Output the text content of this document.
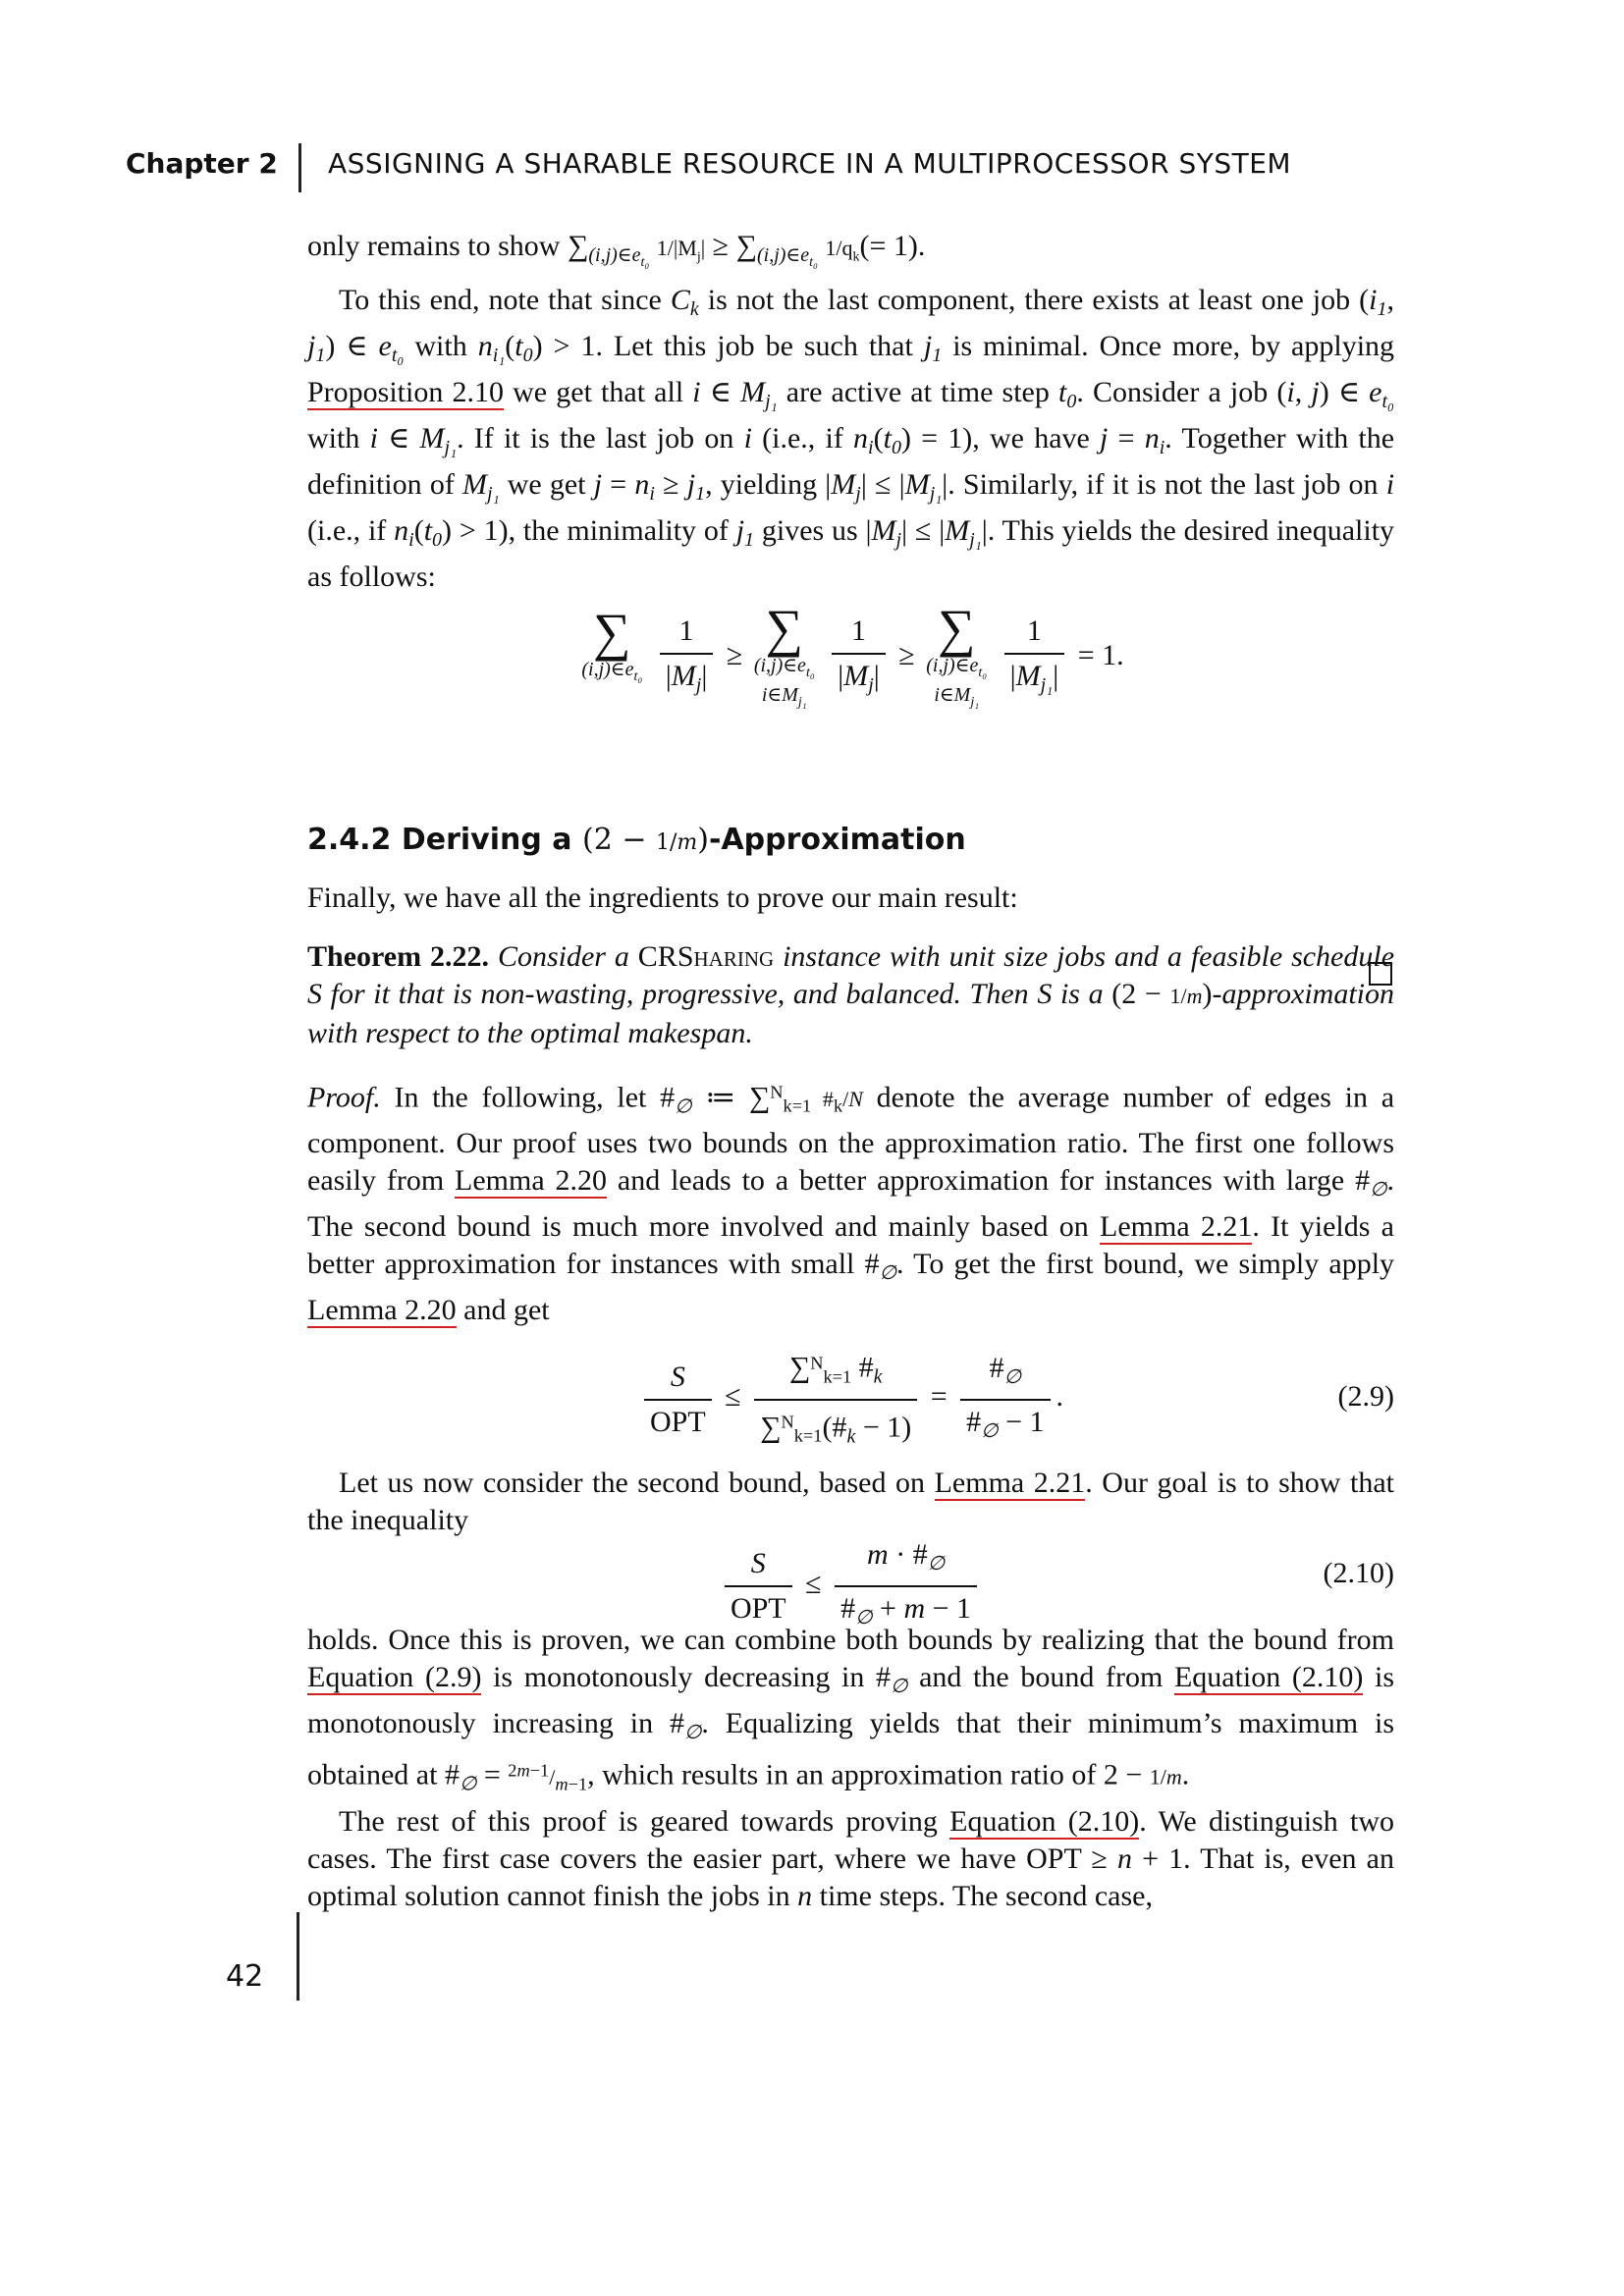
Chapter 2 ASSIGNING A SHARABLE RESOURCE IN A MULTIPROCESSOR SYSTEM

only remains to show $\sum_{(i,j)\in e_{t_0}}$ $1/|M_j| \ge \sum_{(i,j)\in e_{t_0}}$ $1/q_k(= 1)$.

To this end, note that since $C_k$ is not the last component, there exists at least one job ($i_1$, $j_1$) ∈ $e_{t_0}$ with $n_{i_1}(t_0) > 1$. Let this job be such that $j_1$ is minimal. Once more, by applying Proposition 2.10 we get that all i ∈ $M_{j_1}$ are active at time step $t_0$. Consider a job (i, j) ∈ $e_{t_0}$ with i ∈ $M_{j_1}$. If it is the last job on i (i.e., if $n_i(t_0) = 1$), we have $j = n_i$. Together with the definition of $M_{j_1}$ we get $j = n_i \ge j_1$, yielding $|M_j| \le |M_{j_1}|$. Similarly, if it is not the last job on i (i.e., if $n_i(t_0) > 1$), the minimality of $j_1$ gives us $|M_j| \le |M_{j_1}|$. This yields the desired inequality as follows:

∑
$(i,j)\in e_{t_0}$

$\frac{1}{|M_j|}$ ≥ ∑
$(i,j)\in e_{t_0}$
$i\in M_{j_1}$
$\frac{1}{|M_j|}$ ≥ ∑
$(i,j)\in e_{t_0}$
$i\in M_{j_1}$
$\frac{1}{|M_{j_1}|} = 1$.
2.4.2 Deriving a (2 − 1/m)-Approximation

Finally, we have all the ingredients to prove our main result:

Theorem 2.22. Consider a CRSharing instance with unit size jobs and a feasible schedule S for it that is non-wasting, progressive, and balanced. Then S is a (2 − 1/m)-approximation with respect to the optimal makespan.

Proof. In the following, let $\#_\emptyset$ ≔ ∑$^N_{k=1}$ $\#_k/N$ denote the average number of edges in a component. Our proof uses two bounds on the approximation ratio. The first one follows easily from Lemma 2.20 and leads to a better approximation for instances with large $\#_\emptyset$. The second bound is much more involved and mainly based on Lemma 2.21. It yields a better approximation for instances with small $\#_\emptyset$. To get the first bound, we simply apply Lemma 2.20 and get

$\frac{S}{\text{OPT}} \le \frac{\sum^N_{k=1} \#_k}{\sum^N_{k=1}(\#_k - 1)} = \frac{\#_\emptyset}{\#_\emptyset - 1}$ .	(2.9)

Let us now consider the second bound, based on Lemma 2.21. Our goal is to show that the inequality

$\frac{S}{\text{OPT}} \le \frac{m \cdot \#_\emptyset}{\#_\emptyset + m - 1}$	(2.10)

holds. Once this is proven, we can combine both bounds by realizing that the bound from Equation (2.9) is monotonously decreasing in $\#_\emptyset$ and the bound from Equation (2.10) is monotonously increasing in $\#_\emptyset$. Equalizing yields that their minimum’s maximum is obtained at $\#_\emptyset = ^{2m-1}/_{m-1}$, which results in an approximation ratio of 2 − 1/m.

The rest of this proof is geared towards proving Equation (2.10). We distinguish two cases. The first case covers the easier part, where we have OPT ≥ n + 1. That is, even an optimal solution cannot finish the jobs in n time steps. The second case,

42
